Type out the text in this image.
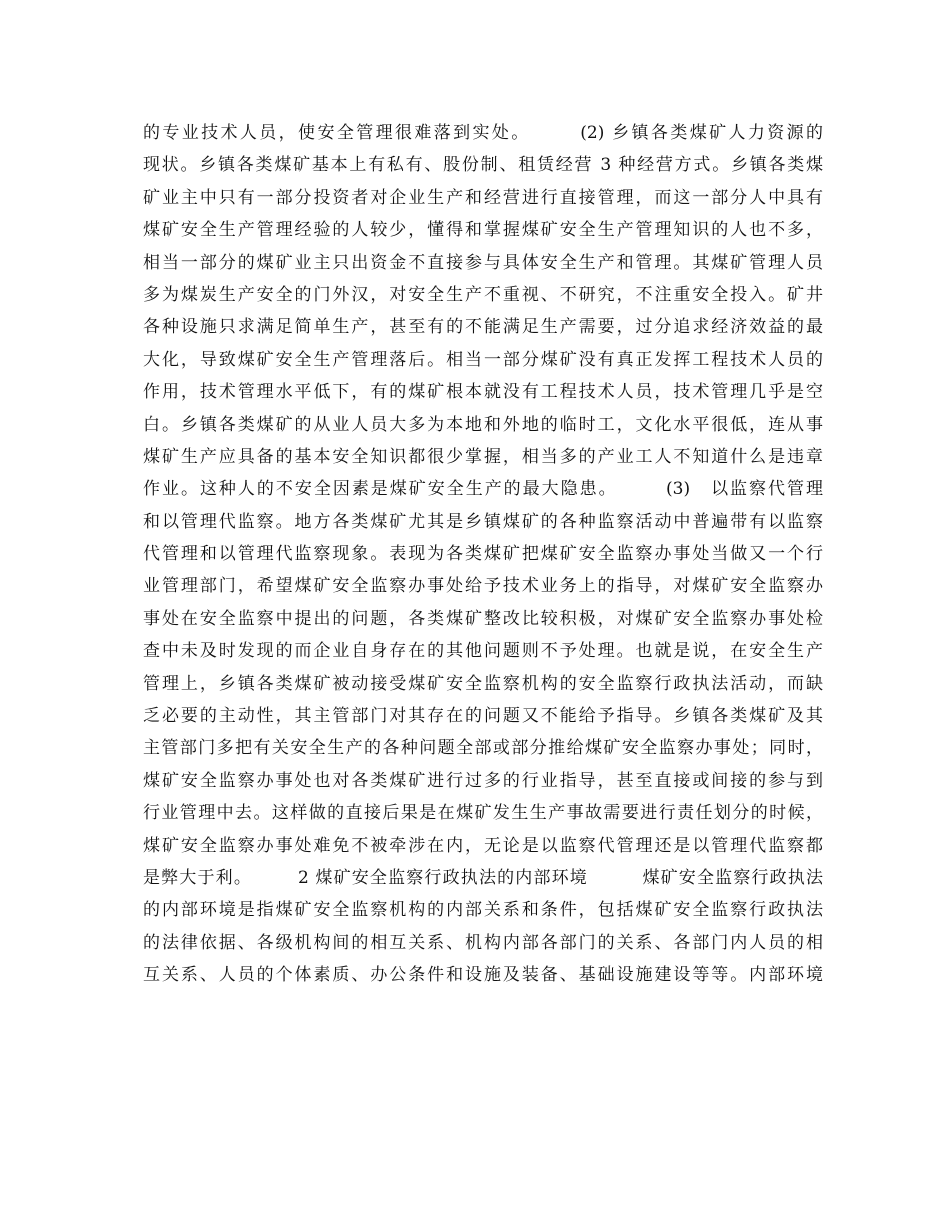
的专业技术人员，使安全管理很难落到实处。　　　(2) 乡镇各类煤矿人力资源的
现状。乡镇各类煤矿基本上有私有、股份制、租赁经营 3 种经营方式。乡镇各类煤
矿业主中只有一部分投资者对企业生产和经营进行直接管理，而这一部分人中具有
煤矿安全生产管理经验的人较少，懂得和掌握煤矿安全生产管理知识的人也不多，
相当一部分的煤矿业主只出资金不直接参与具体安全生产和管理。其煤矿管理人员
多为煤炭生产安全的门外汉，对安全生产不重视、不研究，不注重安全投入。矿井
各种设施只求满足简单生产，甚至有的不能满足生产需要，过分追求经济效益的最
大化，导致煤矿安全生产管理落后。相当一部分煤矿没有真正发挥工程技术人员的
作用，技术管理水平低下，有的煤矿根本就没有工程技术人员，技术管理几乎是空
白。乡镇各类煤矿的从业人员大多为本地和外地的临时工，文化水平很低，连从事
煤矿生产应具备的基本安全知识都很少掌握，相当多的产业工人不知道什么是违章
作业。这种人的不安全因素是煤矿安全生产的最大隐患。　　　(3)　以监察代管理
和以管理代监察。地方各类煤矿尤其是乡镇煤矿的各种监察活动中普遍带有以监察
代管理和以管理代监察现象。表现为各类煤矿把煤矿安全监察办事处当做又一个行
业管理部门，希望煤矿安全监察办事处给予技术业务上的指导，对煤矿安全监察办
事处在安全监察中提出的问题，各类煤矿整改比较积极，对煤矿安全监察办事处检
查中未及时发现的而企业自身存在的其他问题则不予处理。也就是说，在安全生产
管理上，乡镇各类煤矿被动接受煤矿安全监察机构的安全监察行政执法活动，而缺
乏必要的主动性，其主管部门对其存在的问题又不能给予指导。乡镇各类煤矿及其
主管部门多把有关安全生产的各种问题全部或部分推给煤矿安全监察办事处；同时，
煤矿安全监察办事处也对各类煤矿进行过多的行业指导，甚至直接或间接的参与到
行业管理中去。这样做的直接后果是在煤矿发生生产事故需要进行责任划分的时候，
煤矿安全监察办事处难免不被牵涉在内，无论是以监察代管理还是以管理代监察都
是弊大于利。　　　2 煤矿安全监察行政执法的内部环境　　　煤矿安全监察行政执法
的内部环境是指煤矿安全监察机构的内部关系和条件，包括煤矿安全监察行政执法
的法律依据、各级机构间的相互关系、机构内部各部门的关系、各部门内人员的相
互关系、人员的个体素质、办公条件和设施及装备、基础设施建设等等。内部环境
